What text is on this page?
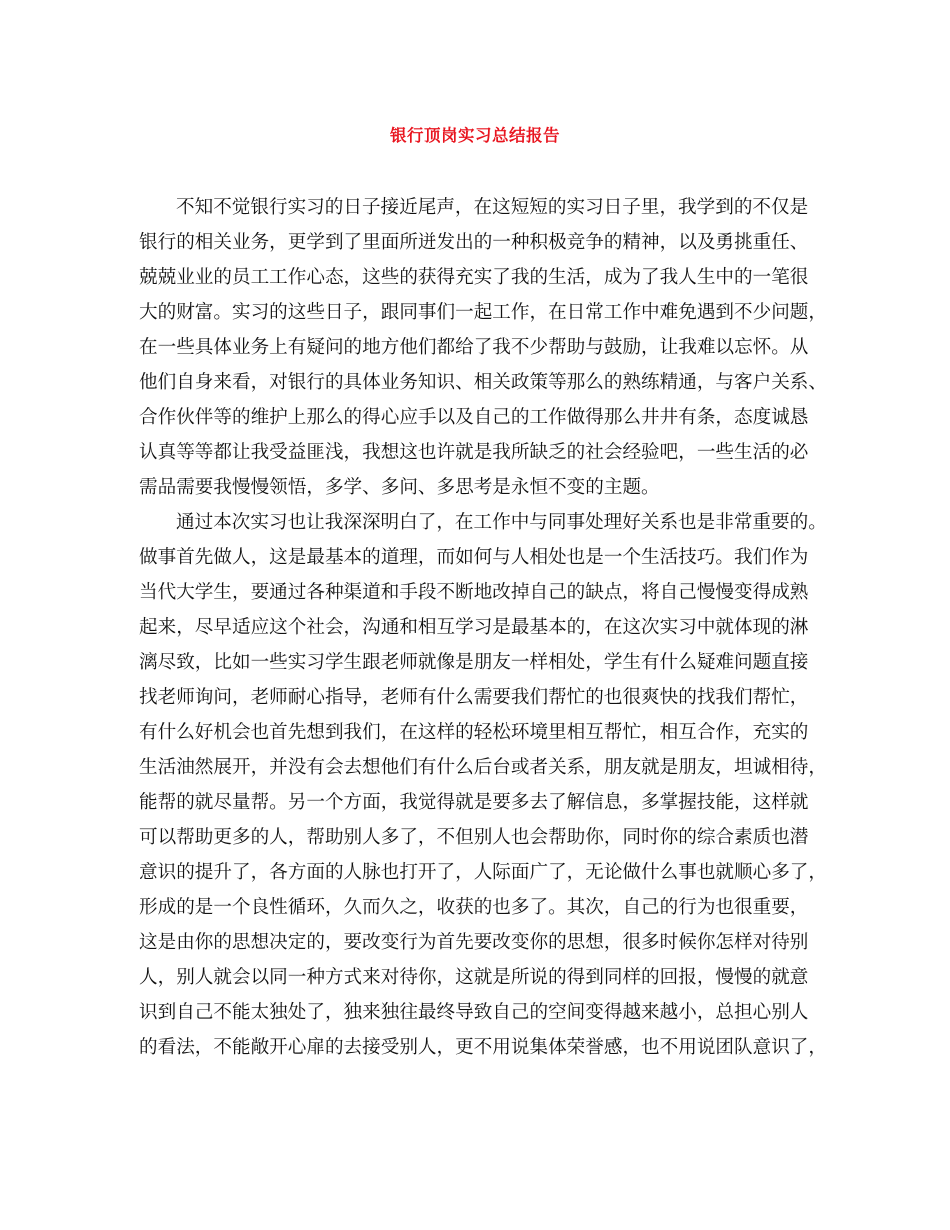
银行顶岗实习总结报告
不知不觉银行实习的日子接近尾声，在这短短的实习日子里，我学到的不仅是
银行的相关业务，更学到了里面所迸发出的一种积极竞争的精神，以及勇挑重任、
兢兢业业的员工工作心态，这些的获得充实了我的生活，成为了我人生中的一笔很
大的财富。实习的这些日子，跟同事们一起工作，在日常工作中难免遇到不少问题，
在一些具体业务上有疑问的地方他们都给了我不少帮助与鼓励，让我难以忘怀。从
他们自身来看，对银行的具体业务知识、相关政策等那么的熟练精通，与客户关系、
合作伙伴等的维护上那么的得心应手以及自己的工作做得那么井井有条，态度诚恳
认真等等都让我受益匪浅，我想这也许就是我所缺乏的社会经验吧，一些生活的必
需品需要我慢慢领悟，多学、多问、多思考是永恒不变的主题。
通过本次实习也让我深深明白了，在工作中与同事处理好关系也是非常重要的。
做事首先做人，这是最基本的道理，而如何与人相处也是一个生活技巧。我们作为
当代大学生，要通过各种渠道和手段不断地改掉自己的缺点，将自己慢慢变得成熟
起来，尽早适应这个社会，沟通和相互学习是最基本的，在这次实习中就体现的淋
漓尽致，比如一些实习学生跟老师就像是朋友一样相处，学生有什么疑难问题直接
找老师询问，老师耐心指导，老师有什么需要我们帮忙的也很爽快的找我们帮忙，
有什么好机会也首先想到我们，在这样的轻松环境里相互帮忙，相互合作，充实的
生活油然展开，并没有会去想他们有什么后台或者关系，朋友就是朋友，坦诚相待，
能帮的就尽量帮。另一个方面，我觉得就是要多去了解信息，多掌握技能，这样就
可以帮助更多的人，帮助别人多了，不但别人也会帮助你，同时你的综合素质也潜
意识的提升了，各方面的人脉也打开了，人际面广了，无论做什么事也就顺心多了，
形成的是一个良性循环，久而久之，收获的也多了。其次，自己的行为也很重要，
这是由你的思想决定的，要改变行为首先要改变你的思想，很多时候你怎样对待别
人，别人就会以同一种方式来对待你，这就是所说的得到同样的回报，慢慢的就意
识到自己不能太独处了，独来独往最终导致自己的空间变得越来越小，总担心别人
的看法，不能敞开心扉的去接受别人，更不用说集体荣誉感，也不用说团队意识了，
